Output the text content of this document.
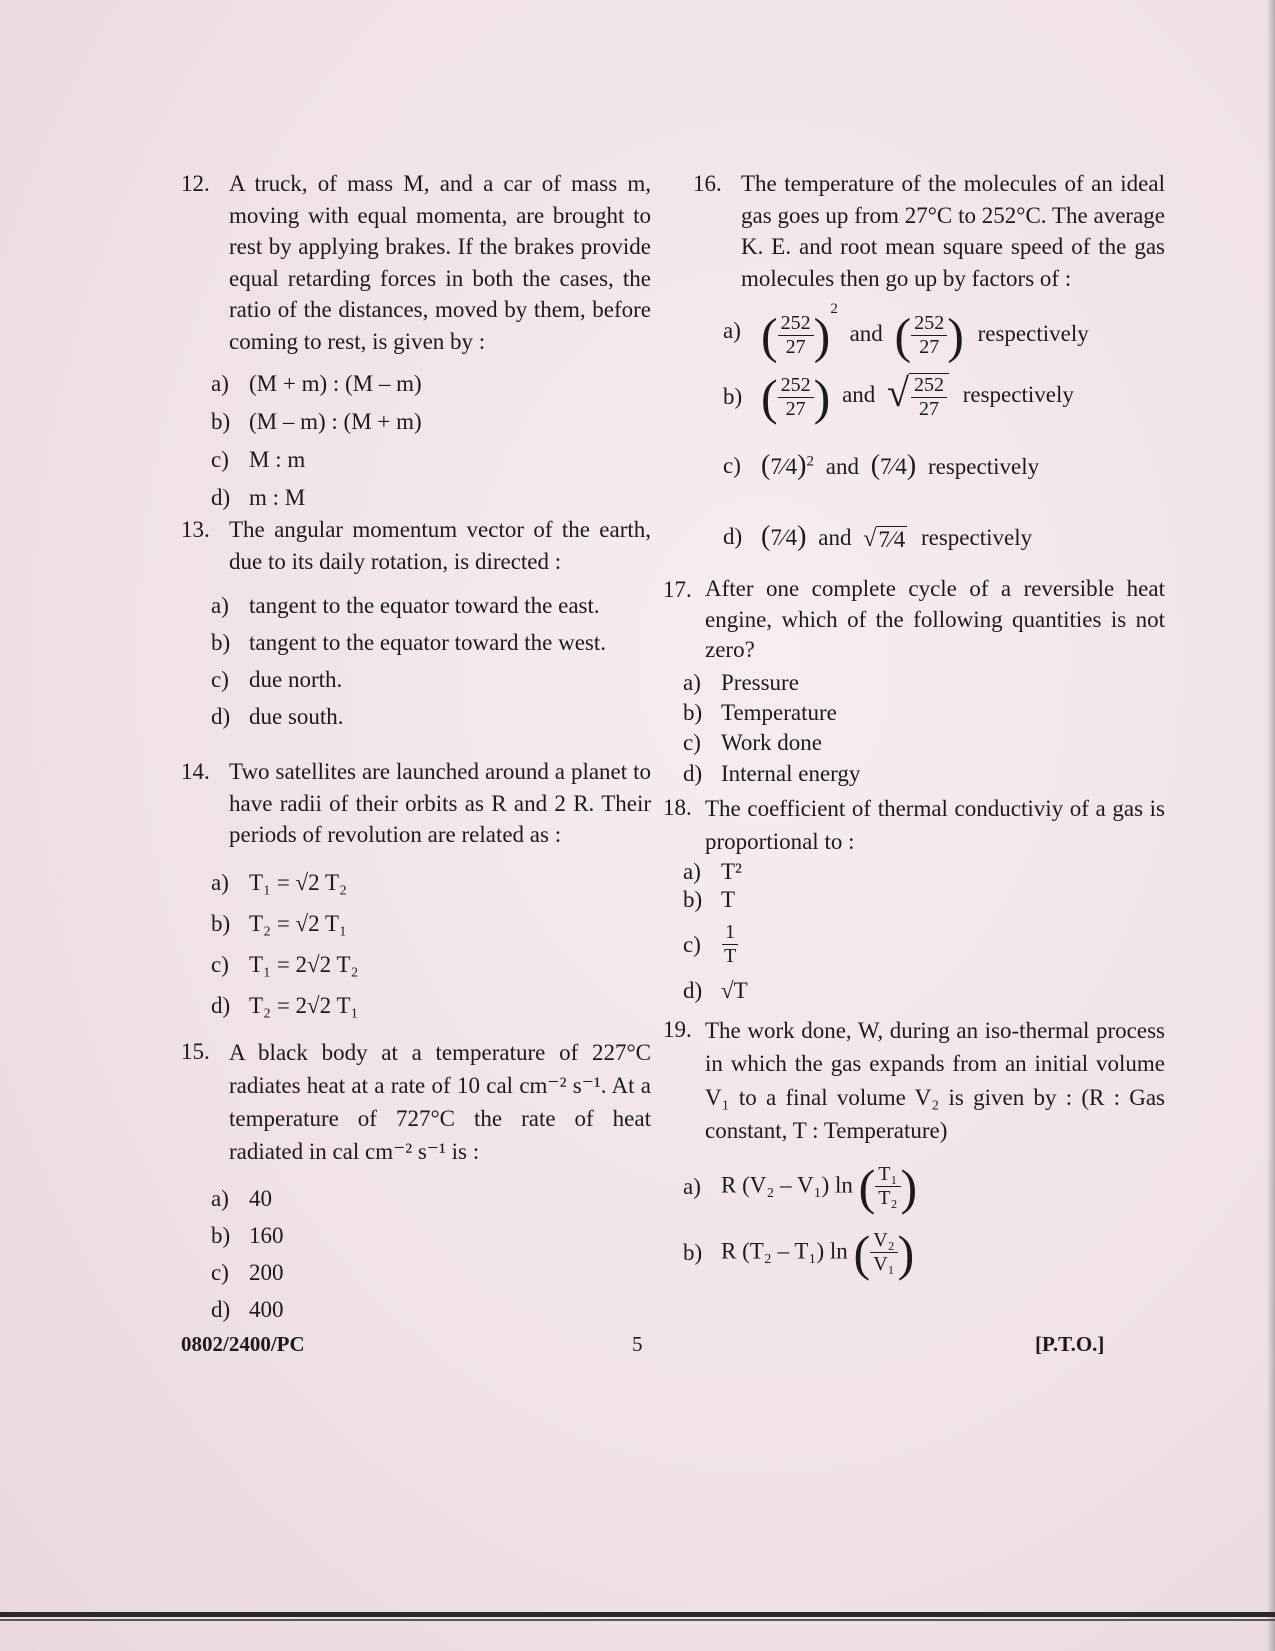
12. A truck, of mass M, and a car of mass m, moving with equal momenta, are brought to rest by applying brakes. If the brakes provide equal retarding forces in both the cases, the ratio of the distances, moved by them, before coming to rest, is given by :
a) (M + m) : (M – m)
b) (M – m) : (M + m)
c) M : m
d) m : M
13. The angular momentum vector of the earth, due to its daily rotation, is directed :
a) tangent to the equator toward the east.
b) tangent to the equator toward the west.
c) due north.
d) due south.
14. Two satellites are launched around a planet to have radii of their orbits as R and 2 R. Their periods of revolution are related as :
a) T₁ = √2 T₂
b) T₂ = √2 T₁
c) T₁ = 2√2 T₂
d) T₂ = 2√2 T₁
15. A black body at a temperature of 227°C radiates heat at a rate of 10 cal cm⁻² s⁻¹. At a temperature of 727°C the rate of heat radiated in cal cm⁻² s⁻¹ is :
a) 40
b) 160
c) 200
d) 400
16. The temperature of the molecules of an ideal gas goes up from 27°C to 252°C. The average K. E. and root mean square speed of the gas molecules then go up by factors of :
a) ( $\frac{252}{27} )^2$ and ( $\frac{252}{27}$ ) respectively
b) ( $\frac{252}{27}$ ) and √ $\frac{252}{27}$ respectively
c) (7⁄4)$^2$ and (7⁄4) respectively
d) (7⁄4) and √ 7⁄4 respectively
17. After one complete cycle of a reversible heat engine, which of the following quantities is not zero?
a) Pressure
b) Temperature
c) Work done
d) Internal energy
18. The coefficient of thermal conductiviy of a gas is proportional to :
a) T²
b) T
c)	$\frac{1}{T}$
d) √T
19. The work done, W, during an iso-thermal process in which the gas expands from an initial volume V₁ to a final volume V₂ is given by : (R : Gas constant, T : Temperature)
a) R (V₂ – V₁) ln ( $\frac{\text{T₁}}{\text{T₂}}$ )
b) R (T₂ – T₁) ln ( $\frac{\text{V₂}}{\text{V₁}}$ )
0802/2400/PC	5	[P.T.O.]
